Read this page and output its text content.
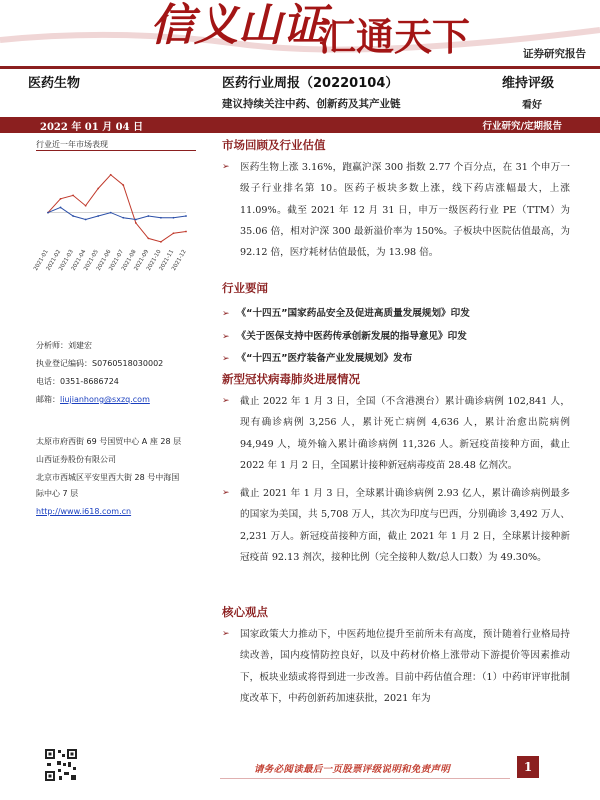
信义山证
汇通天下	证券研究报告
医药生物	医药行业周报（20220104）	维持评级
建议持续关注中药、创新药及其产业链	看好
2022 年 01 月 04 日	行业研究/定期报告
行业近一年市场表现
2021-01
2021-02
2021-03
2021-04
2021-05
2021-06
2021-07
2021-08
2021-09
2021-10
2021-11
2021-12
分析师：刘建宏
执业登记编码：S0760518030002
电话：0351-8686724
邮箱：liujianhong@sxzq.com
太原市府西街 69 号国贸中心 A 座 28 层
山西证券股份有限公司
北京市西城区平安里西大街 28 号中海国
际中心 7 层
http://www.i618.com.cn
市场回顾及行业估值
➢ 医药生物上涨 3.16%，跑赢沪深 300 指数 2.77 个百分点，在 31 个申万一级子行业排名第 10。医药子板块多数上涨，线下药店涨幅最大，上涨 11.09%。截至 2021 年 12 月 31 日，申万一级医药行业 PE（TTM）为 35.06 倍，相对沪深 300 最新溢价率为 150%。子板块中医院估值最高，为 92.12 倍，医疗耗材估值最低，为 13.98 倍。

行业要闻
➢ 《“十四五”国家药品安全及促进高质量发展规划》印发
➢ 《关于医保支持中医药传承创新发展的指导意见》印发
➢ 《“十四五”医疗装备产业发展规划》发布
新型冠状病毒肺炎进展情况
➢ 截止 2022 年 1 月 3 日，全国（不含港澳台）累计确诊病例 102,841 人，现有确诊病例 3,256 人，累计死亡病例 4,636 人，累计治愈出院病例 94,949 人，境外输入累计确诊病例 11,326 人。新冠疫苗接种方面，截止 2022 年 1 月 2 日，全国累计接种新冠病毒疫苗 28.48 亿剂次。

➢ 截止 2021 年 1 月 3 日，全球累计确诊病例 2.93 亿人，累计确诊病例最多的国家为美国，共 5,708 万人，其次为印度与巴西，分别确诊 3,492 万人、2,231 万人。新冠疫苗接种方面，截止 2021 年 1 月 2 日，全球累计接种新冠疫苗 92.13 剂次，接种比例（完全接种人数/总人口数）为 49.30%。

核心观点
➢ 国家政策大力推动下，中医药地位提升至前所未有高度，预计随着行业格局持续改善，国内疫情防控良好，以及中药材价格上涨带动下游提价等因素推动下，板块业绩或将得到进一步改善。目前中药估值合理：（1）中药审评审批制度改革下，中药创新药加速获批，2021 年为

请务必阅读最后一页股票评级说明和免责声明	1
